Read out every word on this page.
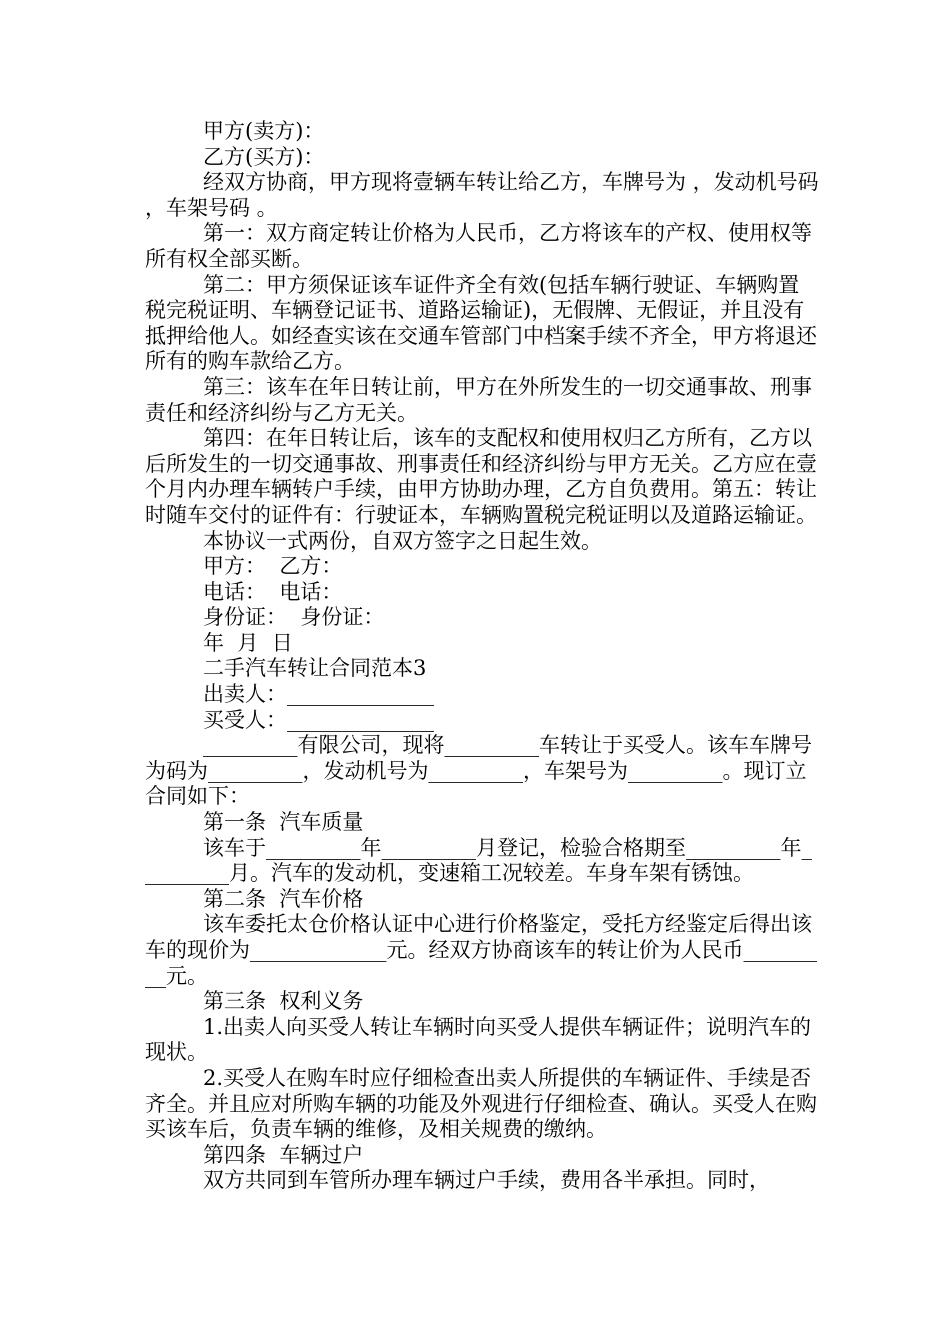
甲方(卖方)：

乙方(买方)：

经双方协商，甲方现将壹辆车转让给乙方，车牌号为 ，发动机号码 ，车架号码 。

第一：双方商定转让价格为人民币，乙方将该车的产权、使用权等所有权全部买断。

第二：甲方须保证该车证件齐全有效(包括车辆行驶证、车辆购置税完税证明、车辆登记证书、道路运输证)，无假牌、无假证，并且没有抵押给他人。如经查实该在交通车管部门中档案手续不齐全，甲方将退还所有的购车款给乙方。

第三：该车在年日转让前，甲方在外所发生的一切交通事故、刑事责任和经济纠纷与乙方无关。

第四：在年日转让后，该车的支配权和使用权归乙方所有，乙方以后所发生的一切交通事故、刑事责任和经济纠纷与甲方无关。乙方应在壹个月内办理车辆转户手续，由甲方协助办理，乙方自负费用。第五：转让时随车交付的证件有：行驶证本，车辆购置税完税证明以及道路运输证。

本协议一式两份，自双方签字之日起生效。

甲方：  乙方：

电话：  电话：

身份证：  身份证：

年  月  日

二手汽车转让合同范本3

出卖人：______________

买受人：______________

_________有限公司，现将_________车转让于买受人。该车车牌号为码为_________，发动机号为_________，车架号为_________。现订立合同如下：

第一条  汽车质量

该车于_________年_________月登记，检验合格期至_________年_________月。汽车的发动机，变速箱工况较差。车身车架有锈蚀。

第二条  汽车价格

该车委托太仓价格认证中心进行价格鉴定，受托方经鉴定后得出该车的现价为_____________元。经双方协商该车的转让价为人民币_________元。

第三条  权利义务

1.出卖人向买受人转让车辆时向买受人提供车辆证件；说明汽车的现状。

2.买受人在购车时应仔细检查出卖人所提供的车辆证件、手续是否齐全。并且应对所购车辆的功能及外观进行仔细检查、确认。买受人在购买该车后，负责车辆的维修，及相关规费的缴纳。

第四条  车辆过户

双方共同到车管所办理车辆过户手续，费用各半承担。同时，
